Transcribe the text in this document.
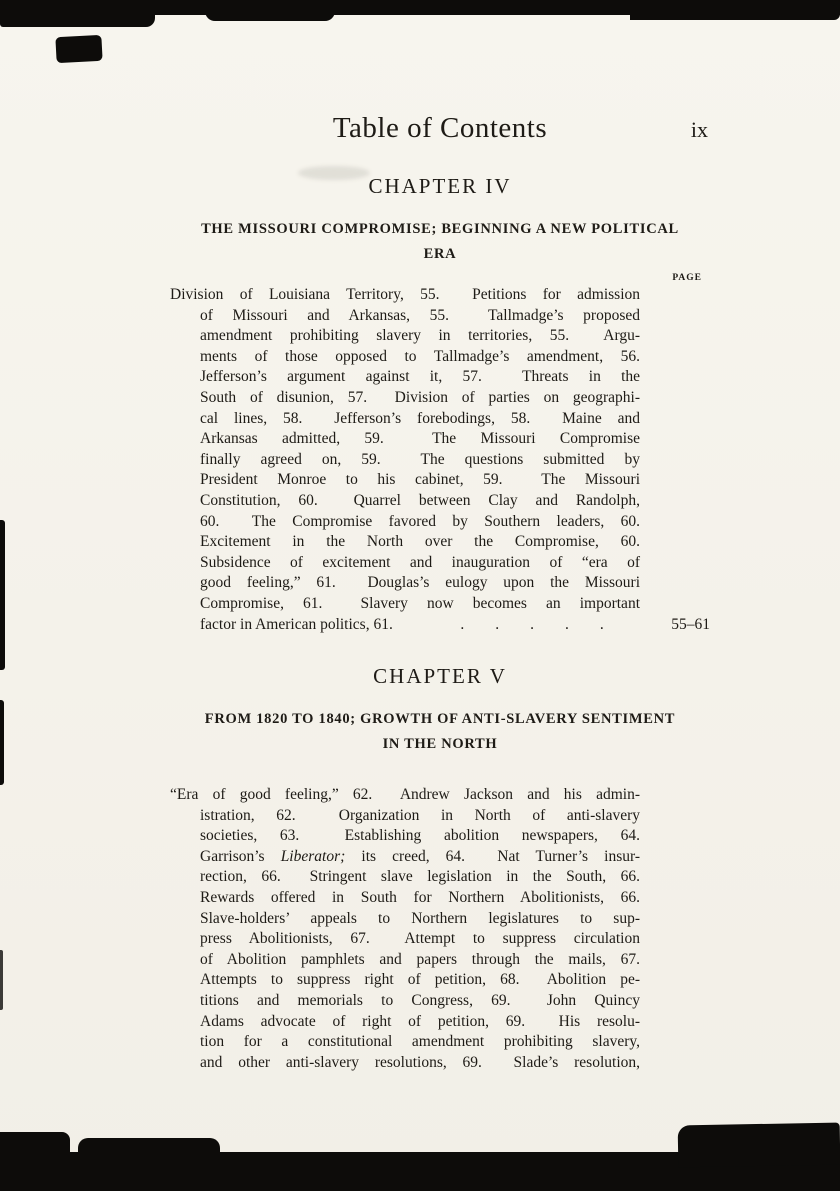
Table of Contents	ix
CHAPTER IV
THE MISSOURI COMPROMISE; BEGINNING A NEW POLITICAL
ERA
PAGE
Division of Louisiana Territory, 55.  Petitions for admission
of Missouri and Arkansas, 55.  Tallmadge’s proposed
amendment prohibiting slavery in territories, 55.  Argu-
ments of those opposed to Tallmadge’s amendment, 56.
Jefferson’s argument against it, 57.  Threats in the
South of disunion, 57.  Division of parties on geographi-
cal lines, 58.  Jefferson’s forebodings, 58.  Maine and
Arkansas admitted, 59.  The Missouri Compromise
finally agreed on, 59.  The questions submitted by
President Monroe to his cabinet, 59.  The Missouri
Constitution, 60.  Quarrel between Clay and Randolph,
60.  The Compromise favored by Southern leaders, 60.
Excitement in the North over the Compromise, 60.
Subsidence of excitement and inauguration of “era of
good feeling,” 61.  Douglas’s eulogy upon the Missouri
Compromise, 61.  Slavery now becomes an important
factor in American politics, 61.	.        .        .        .        .	55–61
CHAPTER V
FROM 1820 TO 1840; GROWTH OF ANTI-SLAVERY SENTIMENT
IN THE NORTH
“Era of good feeling,” 62.  Andrew Jackson and his admin-
istration, 62.  Organization in North of anti-slavery
societies, 63.  Establishing abolition newspapers, 64.
Garrison’s Liberator; its creed, 64.  Nat Turner’s insur-
rection, 66.  Stringent slave legislation in the South, 66.
Rewards offered in South for Northern Abolitionists, 66.
Slave-holders’ appeals to Northern legislatures to sup-
press Abolitionists, 67.  Attempt to suppress circulation
of Abolition pamphlets and papers through the mails, 67.
Attempts to suppress right of petition, 68.  Abolition pe-
titions and memorials to Congress, 69.  John Quincy
Adams advocate of right of petition, 69.  His resolu-
tion for a constitutional amendment prohibiting slavery,
and other anti-slavery resolutions, 69.  Slade’s resolution,
